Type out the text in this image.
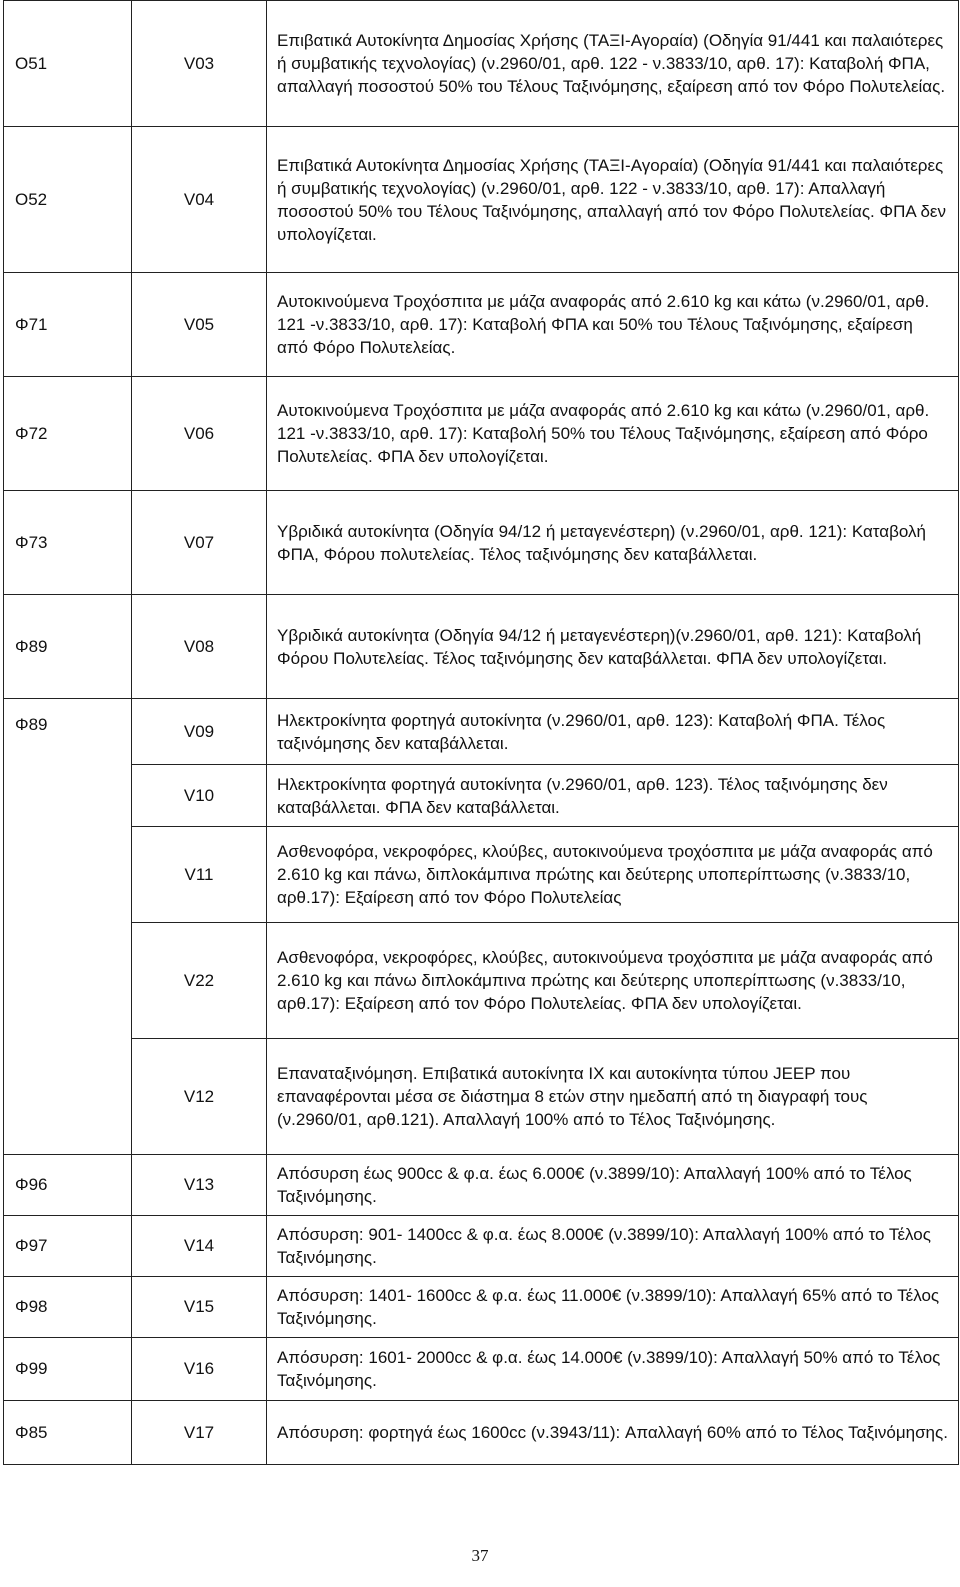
Ο51	V03	Επιβατικά Αυτοκίνητα Δημοσίας Χρήσης (ΤΑΞΙ-Αγοραία) (Οδηγία 91/441 και παλαιότερες ή συμβατικής τεχνολογίας) (ν.2960/01, αρθ. 122 - ν.3833/10, αρθ. 17): Καταβολή ΦΠΑ, απαλλαγή ποσοστού 50% του Τέλους Ταξινόμησης, εξαίρεση από τον Φόρο Πολυτελείας.
Ο52	V04	Επιβατικά Αυτοκίνητα Δημοσίας Χρήσης (ΤΑΞΙ-Αγοραία) (Οδηγία 91/441 και παλαιότερες ή συμβατικής τεχνολογίας) (ν.2960/01, αρθ. 122 - ν.3833/10, αρθ. 17): Απαλλαγή ποσοστού 50% του Τέλους Ταξινόμησης, απαλλαγή από τον Φόρο Πολυτελείας. ΦΠΑ δεν υπολογίζεται.
Φ71	V05	Αυτοκινούμενα Τροχόσπιτα με μάζα αναφοράς από 2.610 kg και κάτω (ν.2960/01, αρθ. 121 -ν.3833/10, αρθ. 17): Καταβολή ΦΠΑ και 50% του Τέλους Ταξινόμησης, εξαίρεση από Φόρο Πολυτελείας.
Φ72	V06	Αυτοκινούμενα Τροχόσπιτα με μάζα αναφοράς από 2.610 kg και κάτω (ν.2960/01, αρθ. 121 -ν.3833/10, αρθ. 17): Καταβολή 50% του Τέλους Ταξινόμησης, εξαίρεση από Φόρο Πολυτελείας. ΦΠΑ δεν υπολογίζεται.
Φ73	V07	Υβριδικά αυτοκίνητα (Οδηγία 94/12 ή μεταγενέστερη) (ν.2960/01, αρθ. 121): Καταβολή ΦΠΑ, Φόρου πολυτελείας. Τέλος ταξινόμησης δεν καταβάλλεται.
Φ89	V08	Υβριδικά αυτοκίνητα (Οδηγία 94/12 ή μεταγενέστερη)(ν.2960/01, αρθ. 121): Καταβολή Φόρου Πολυτελείας. Τέλος ταξινόμησης δεν καταβάλλεται. ΦΠΑ δεν υπολογίζεται.
Φ89	V09	Ηλεκτροκίνητα φορτηγά αυτοκίνητα (ν.2960/01, αρθ. 123): Καταβολή ΦΠΑ. Τέλος ταξινόμησης δεν καταβάλλεται.
	V10	Ηλεκτροκίνητα φορτηγά αυτοκίνητα (ν.2960/01, αρθ. 123). Τέλος ταξινόμησης δεν καταβάλλεται. ΦΠΑ δεν καταβάλλεται.
	V11	Ασθενοφόρα, νεκροφόρες, κλούβες, αυτοκινούμενα τροχόσπιτα με μάζα αναφοράς από 2.610 kg και πάνω, διπλοκάμπινα πρώτης και δεύτερης υποπερίπτωσης (ν.3833/10, αρθ.17): Εξαίρεση από τον Φόρο Πολυτελείας
	V22	Ασθενοφόρα, νεκροφόρες, κλούβες, αυτοκινούμενα τροχόσπιτα με μάζα αναφοράς από 2.610 kg και πάνω διπλοκάμπινα πρώτης και δεύτερης υποπερίπτωσης (ν.3833/10, αρθ.17): Εξαίρεση από τον Φόρο Πολυτελείας. ΦΠΑ δεν υπολογίζεται.
	V12	Επαναταξινόμηση. Επιβατικά αυτοκίνητα ΙΧ και αυτοκίνητα τύπου JEEP που επαναφέρονται μέσα σε διάστημα 8 ετών στην ημεδαπή από τη διαγραφή τους (ν.2960/01, αρθ.121). Απαλλαγή 100% από το Τέλος Ταξινόμησης.
Φ96	V13	Απόσυρση έως 900cc & φ.α. έως 6.000€ (ν.3899/10): Απαλλαγή 100% από το Τέλος Ταξινόμησης.
Φ97	V14	Απόσυρση: 901- 1400cc & φ.α. έως 8.000€ (ν.3899/10): Απαλλαγή 100% από το Τέλος Ταξινόμησης.
Φ98	V15	Απόσυρση: 1401- 1600cc & φ.α. έως 11.000€ (ν.3899/10): Απαλλαγή 65% από το Τέλος Ταξινόμησης.
Φ99	V16	Απόσυρση: 1601- 2000cc & φ.α. έως 14.000€ (ν.3899/10): Απαλλαγή 50% από το Τέλος Ταξινόμησης.
Φ85	V17	Απόσυρση: φορτηγά έως 1600cc (ν.3943/11): Απαλλαγή 60% από το Τέλος Ταξινόμησης.
37
